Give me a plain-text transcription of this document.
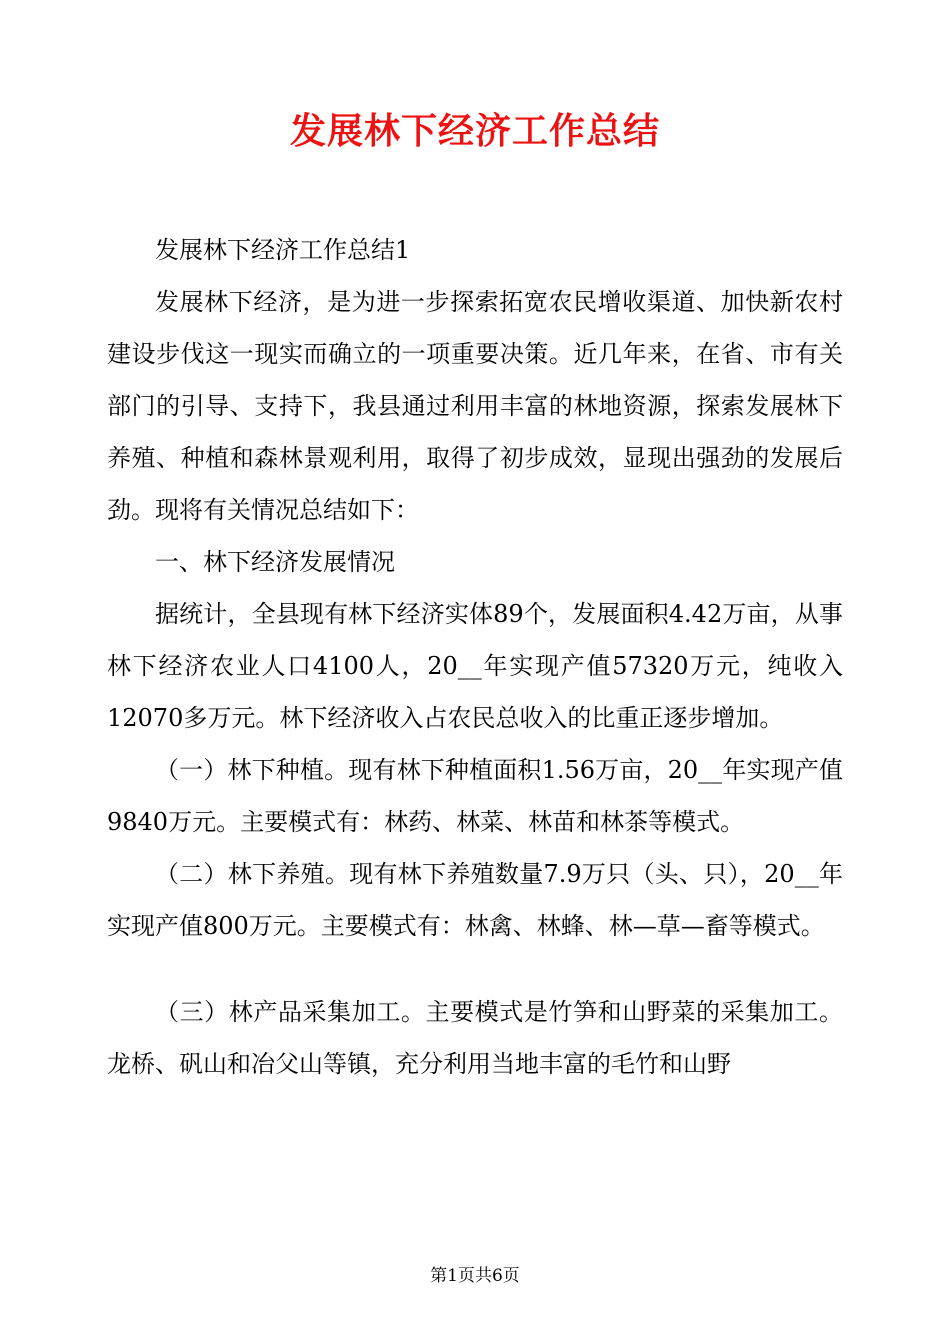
发展林下经济工作总结

发展林下经济工作总结1

发展林下经济，是为进一步探索拓宽农民增收渠道、加快新农村建设步伐这一现实而确立的一项重要决策。近几年来，在省、市有关部门的引导、支持下，我县通过利用丰富的林地资源，探索发展林下养殖、种植和森林景观利用，取得了初步成效，显现出强劲的发展后劲。现将有关情况总结如下：

一、林下经济发展情况

据统计，全县现有林下经济实体89个，发展面积4.42万亩，从事林下经济农业人口4100人，20__年实现产值57320万元，纯收入12070多万元。林下经济收入占农民总收入的比重正逐步增加。

（一）林下种植。现有林下种植面积1.56万亩，20__年实现产值9840万元。主要模式有：林药、林菜、林苗和林茶等模式。

（二）林下养殖。现有林下养殖数量7.9万只（头、只），20__年实现产值800万元。主要模式有：林禽、林蜂、林—草—畜等模式。

（三）林产品采集加工。主要模式是竹笋和山野菜的采集加工。龙桥、矾山和冶父山等镇，充分利用当地丰富的毛竹和山野

第1页共6页
